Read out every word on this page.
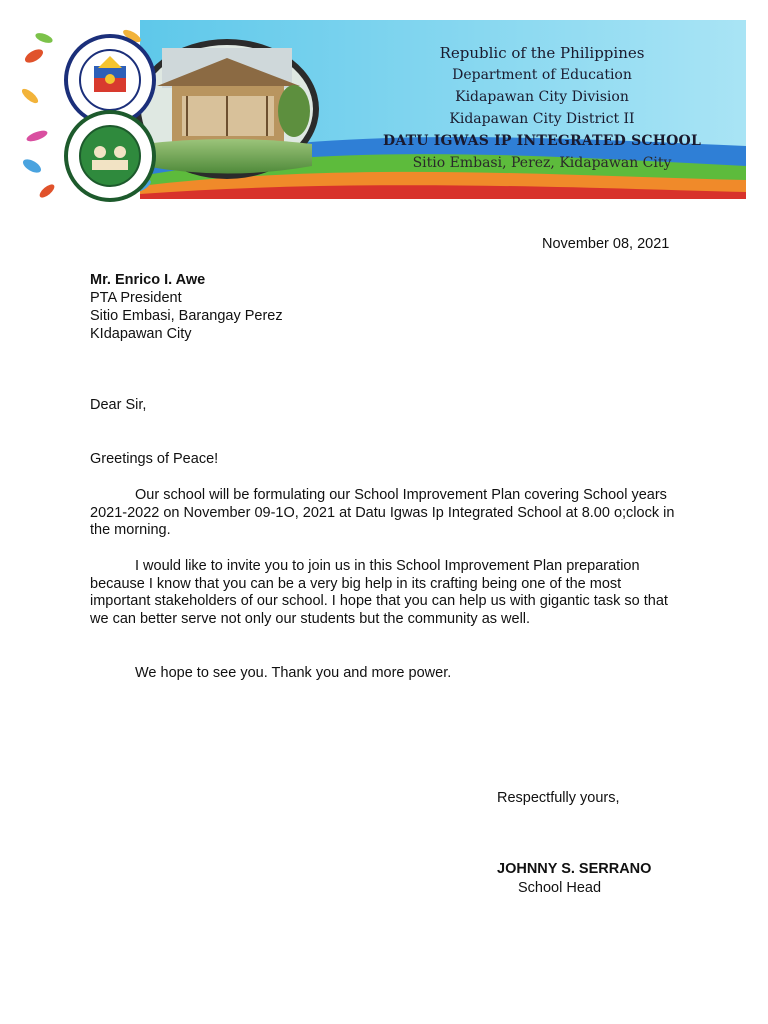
Republic of the Philippines
Department of Education
Kidapawan City Division
Kidapawan City District II
DATU IGWAS IP INTEGRATED SCHOOL
Sitio Embasi, Perez, Kidapawan City
November 08, 2021
Mr. Enrico I. Awe
PTA President
Sitio Embasi, Barangay Perez
KIdapawan City
Dear Sir,
Greetings of Peace!

Our school will be formulating our School Improvement Plan covering School years 2021-2022 on November 09-1O, 2021 at Datu Igwas Ip Integrated School at 8.00 o;clock in the morning.

I would like to invite you to join us in this School Improvement Plan preparation because I know that you can be a very big help in its crafting being one of the most important stakeholders of our school. I hope that you can help us with gigantic task so that we can better serve not only our students but the community as well.

We hope to see you. Thank you and more power.

Respectfully yours,
JOHNNY S. SERRANO
School Head
